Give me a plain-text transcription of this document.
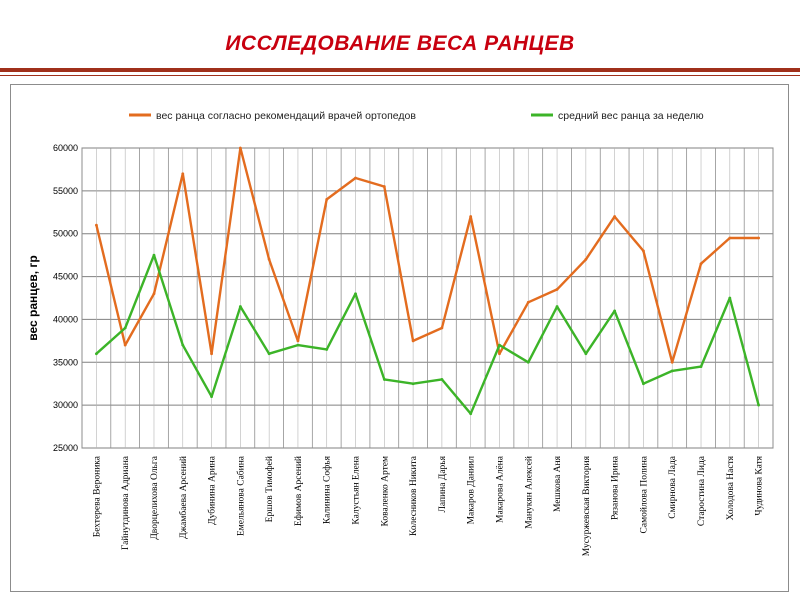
ИССЛЕДОВАНИЕ ВЕСА РАНЦЕВ
вес ранца согласно рекомендаций врачей ортопедов	средний вес ранца за неделю
25000
30000
35000
40000
45000
50000
55000
60000
Бехтерева Вероника Гайнутдинова Адриана Дворцелихова Ольга Джамбаева Арсений Дубинина Арина Емельянова Сабина Ершов Тимофей Ефимов Арсений Калинина Софья Калустьян Елена Коваленко Артем Колесников Никита Лапина Дарья Макаров Даниил Макарова Алёна Манукян Алексей Мешкова Аня Мусуржевская Виктория Рязанова Ирина Самойлова Полина Смирнова Лада Старостина Лида Холодова Настя Чудинова Катя
вес ранцев, гр
